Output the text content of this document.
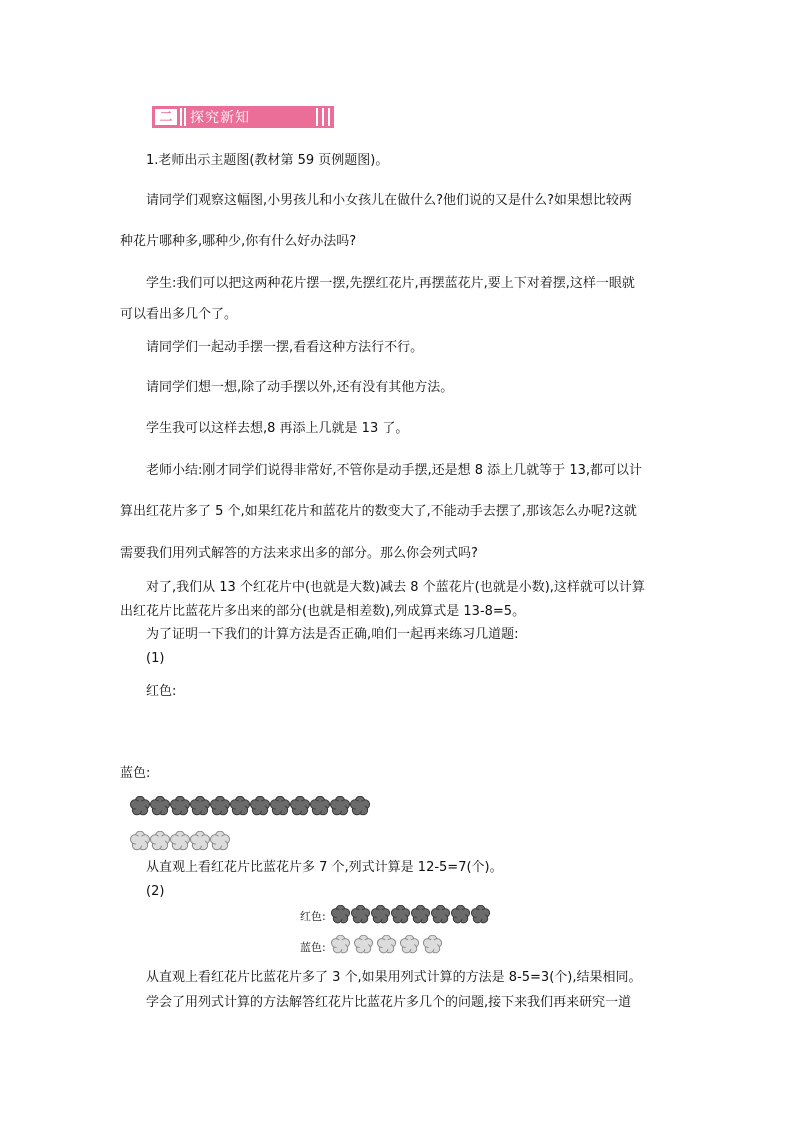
二	探究新知
1.老师出示主题图(教材第 59 页例题图)。
请同学们观察这幅图,小男孩儿和小女孩儿在做什么?他们说的又是什么?如果想比较两
种花片哪种多,哪种少,你有什么好办法吗?
学生:我们可以把这两种花片摆一摆,先摆红花片,再摆蓝花片,要上下对着摆,这样一眼就
可以看出多几个了。
请同学们一起动手摆一摆,看看这种方法行不行。
请同学们想一想,除了动手摆以外,还有没有其他方法。
学生我可以这样去想,8 再添上几就是 13 了。
老师小结:刚才同学们说得非常好,不管你是动手摆,还是想 8 添上几就等于 13,都可以计
算出红花片多了 5 个,如果红花片和蓝花片的数变大了,不能动手去摆了,那该怎么办呢?这就
需要我们用列式解答的方法来求出多的部分。那么你会列式吗?
对了,我们从 13 个红花片中(也就是大数)减去 8 个蓝花片(也就是小数),这样就可以计算
出红花片比蓝花片多出来的部分(也就是相差数),列成算式是 13-8=5。
为了证明一下我们的计算方法是否正确,咱们一起再来练习几道题:
(1)
红色:
蓝色:
从直观上看红花片比蓝花片多 7 个,列式计算是 12-5=7(个)。
(2)
红色:
蓝色:
从直观上看红花片比蓝花片多了 3 个,如果用列式计算的方法是 8-5=3(个),结果相同。
学会了用列式计算的方法解答红花片比蓝花片多几个的问题,接下来我们再来研究一道
